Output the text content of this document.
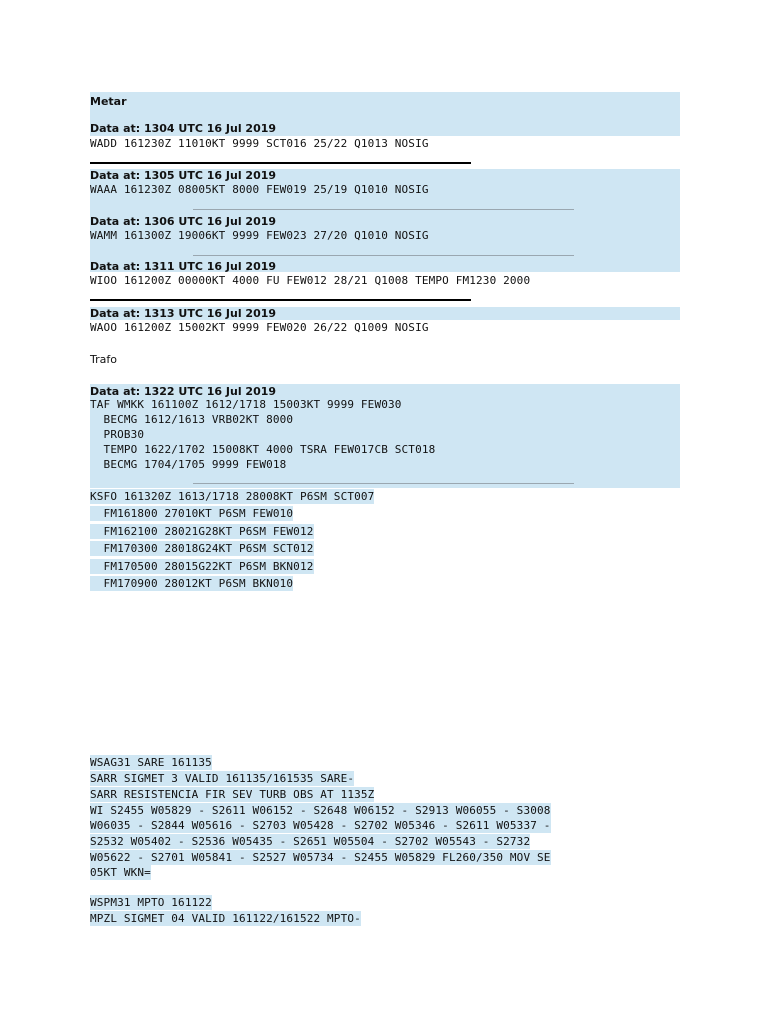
Metar
Data at: 1304 UTC 16 Jul 2019
WADD 161230Z 11010KT 9999 SCT016 25/22 Q1013 NOSIG
Data at: 1305 UTC 16 Jul 2019
WAAA 161230Z 08005KT 8000 FEW019 25/19 Q1010 NOSIG
Data at: 1306 UTC 16 Jul 2019
WAMM 161300Z 19006KT 9999 FEW023 27/20 Q1010 NOSIG
Data at: 1311 UTC 16 Jul 2019
WIOO 161200Z 00000KT 4000 FU FEW012 28/21 Q1008 TEMPO FM1230 2000
Data at: 1313 UTC 16 Jul 2019
WAOO 161200Z 15002KT 9999 FEW020 26/22 Q1009 NOSIG
Trafo
Data at: 1322 UTC 16 Jul 2019
TAF WMKK 161100Z 1612/1718 15003KT 9999 FEW030
BECMG 1612/1613 VRB02KT 8000
PROB30
TEMPO 1622/1702 15008KT 4000 TSRA FEW017CB SCT018
BECMG 1704/1705 9999 FEW018
KSFO 161320Z 1613/1718 28008KT P6SM SCT007
FM161800 27010KT P6SM FEW010
FM162100 28021G28KT P6SM FEW012
FM170300 28018G24KT P6SM SCT012
FM170500 28015G22KT P6SM BKN012
FM170900 28012KT P6SM BKN010
WSAG31 SARE 161135
SARR SIGMET 3 VALID 161135/161535 SARE-
SARR RESISTENCIA FIR SEV TURB OBS AT 1135Z
WI S2455 W05829 - S2611 W06152 - S2648 W06152 - S2913 W06055 - S3008
W06035 - S2844 W05616 - S2703 W05428 - S2702 W05346 - S2611 W05337 -
S2532 W05402 - S2536 W05435 - S2651 W05504 - S2702 W05543 - S2732
W05622 - S2701 W05841 - S2527 W05734 - S2455 W05829 FL260/350 MOV SE
05KT WKN=
WSPM31 MPTO 161122
MPZL SIGMET 04 VALID 161122/161522 MPTO-
